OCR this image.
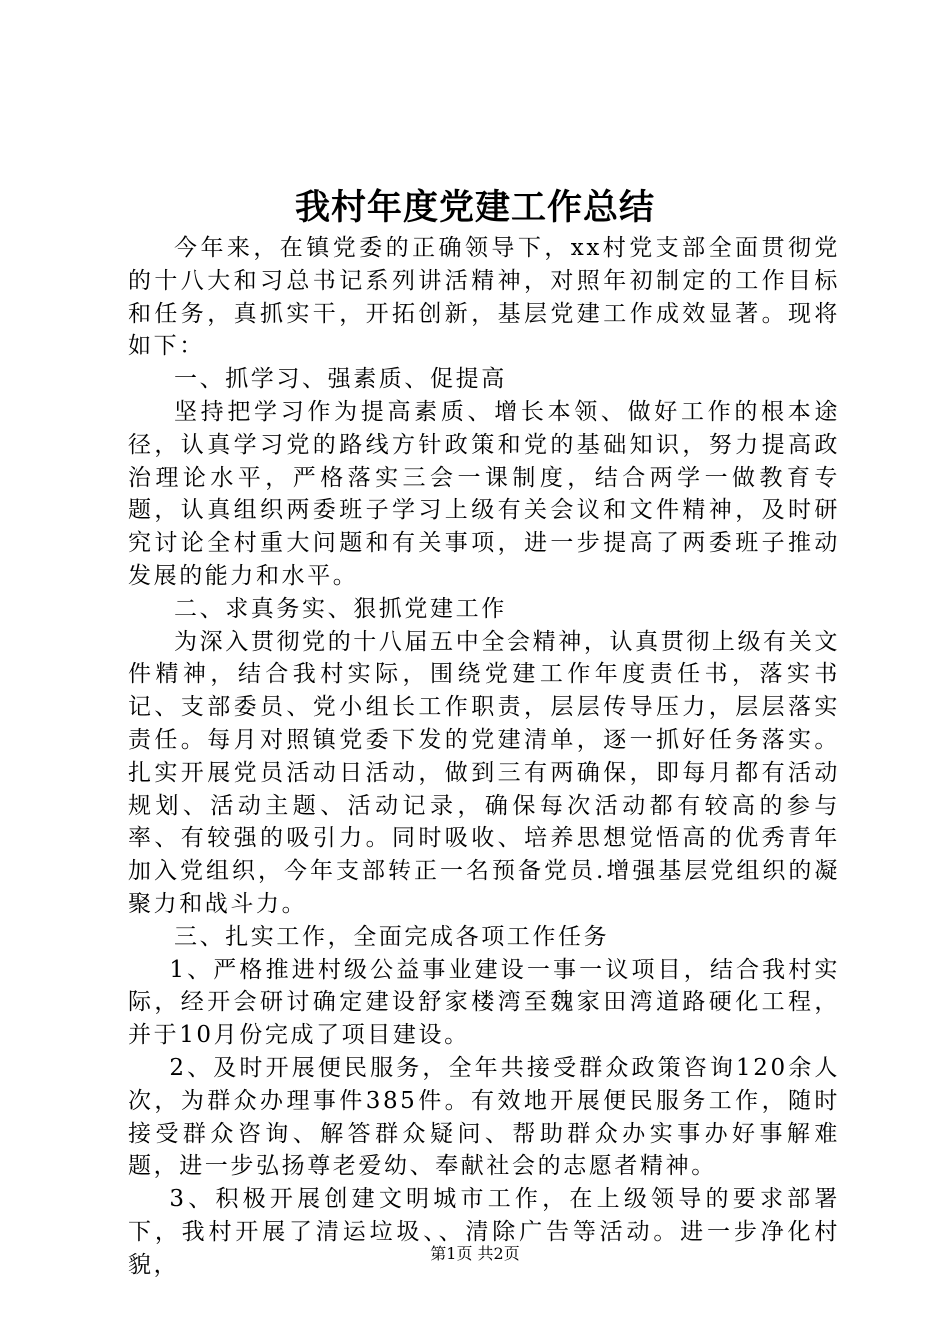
我村年度党建工作总结

今年来，在镇党委的正确领导下，xx村党支部全面贯彻党的十八大和习总书记系列讲活精神，对照年初制定的工作目标和任务，真抓实干，开拓创新，基层党建工作成效显著。现将如下：

一、抓学习、强素质、促提高

坚持把学习作为提高素质、增长本领、做好工作的根本途径，认真学习党的路线方针政策和党的基础知识，努力提高政治理论水平，严格落实三会一课制度，结合两学一做教育专题，认真组织两委班子学习上级有关会议和文件精神，及时研究讨论全村重大问题和有关事项，进一步提高了两委班子推动发展的能力和水平。

二、求真务实、狠抓党建工作

为深入贯彻党的十八届五中全会精神，认真贯彻上级有关文件精神，结合我村实际，围绕党建工作年度责任书，落实书记、支部委员、党小组长工作职责，层层传导压力，层层落实责任。每月对照镇党委下发的党建清单，逐一抓好任务落实。扎实开展党员活动日活动，做到三有两确保，即每月都有活动规划、活动主题、活动记录，确保每次活动都有较高的参与率、有较强的吸引力。同时吸收、培养思想觉悟高的优秀青年加入党组织，今年支部转正一名预备党员.增强基层党组织的凝聚力和战斗力。

三、扎实工作，全面完成各项工作任务

1、严格推进村级公益事业建设一事一议项目，结合我村实际，经开会研讨确定建设舒家楼湾至魏家田湾道路硬化工程，并于10月份完成了项目建设。

2、及时开展便民服务，全年共接受群众政策咨询120余人次，为群众办理事件385件。有效地开展便民服务工作，随时接受群众咨询、解答群众疑问、帮助群众办实事办好事解难题，进一步弘扬尊老爱幼、奉献社会的志愿者精神。

3、积极开展创建文明城市工作，在上级领导的要求部署下，我村开展了清运垃圾、、清除广告等活动。进一步净化村貌，	第1页 共2页
